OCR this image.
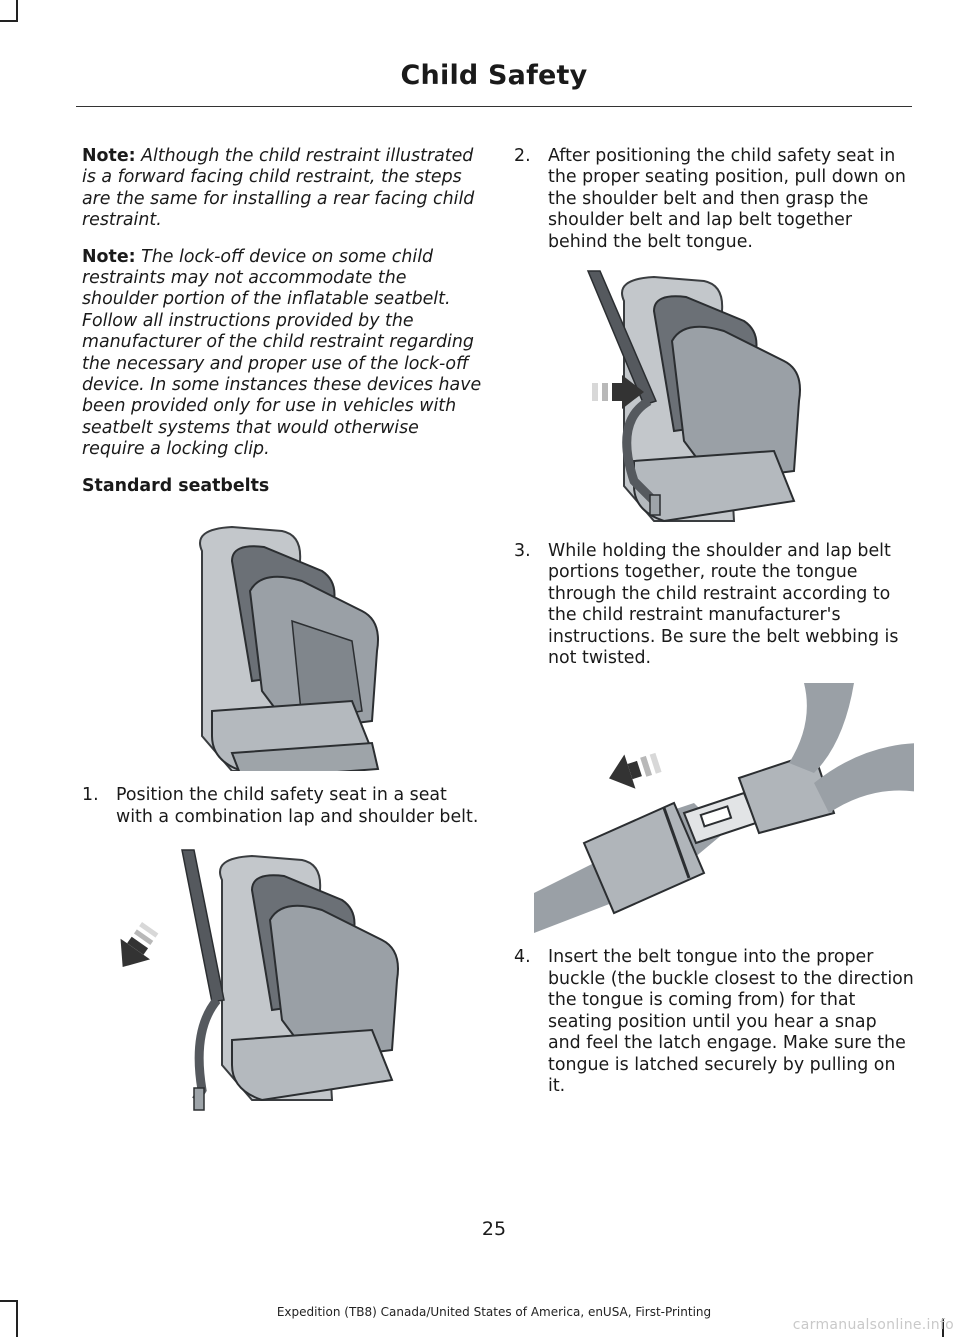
Child Safety

Note: Although the child restraint illustrated is a forward facing child restraint, the steps are the same for installing a rear facing child restraint.

Note: The lock-off device on some child restraints may not accommodate the shoulder portion of the inflatable seatbelt. Follow all instructions provided by the manufacturer of the child restraint regarding the necessary and proper use of the lock-off device. In some instances these devices have been provided only for use in vehicles with seatbelt systems that would otherwise require a locking clip.

Standard seatbelts
1. Position the child safety seat in a seat with a combination lap and shoulder belt.
2. After positioning the child safety seat in the proper seating position, pull down on the shoulder belt and then grasp the shoulder belt and lap belt together behind the belt tongue.
3. While holding the shoulder and lap belt portions together, route the tongue through the child restraint according to the child restraint manufacturer's instructions. Be sure the belt webbing is not twisted.
4. Insert the belt tongue into the proper buckle (the buckle closest to the direction the tongue is coming from) for that seating position until you hear a snap and feel the latch engage. Make sure the tongue is latched securely by pulling on it.
25
Expedition (TB8) Canada/United States of America, enUSA, First-Printing
carmanualsonline.info
